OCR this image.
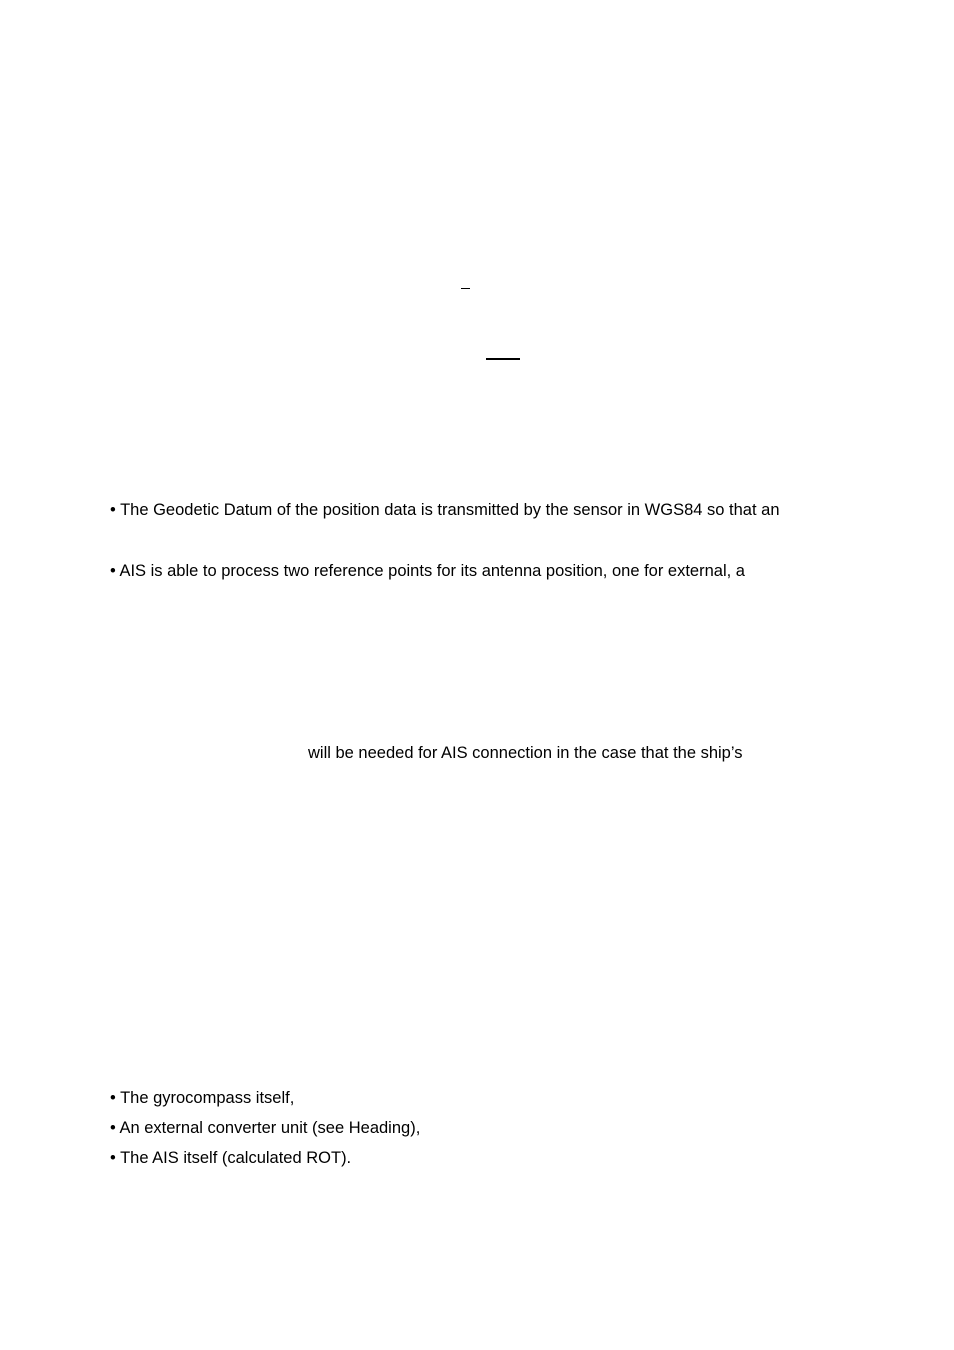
• The Geodetic Datum of the position data is transmitted by the sensor in WGS84 so that an
• AIS is able to process two reference points for its antenna position, one for external, a
will be needed for AIS connection in the case that the ship’s
• The gyrocompass itself,
• An external converter unit (see Heading),
• The AIS itself (calculated ROT).
